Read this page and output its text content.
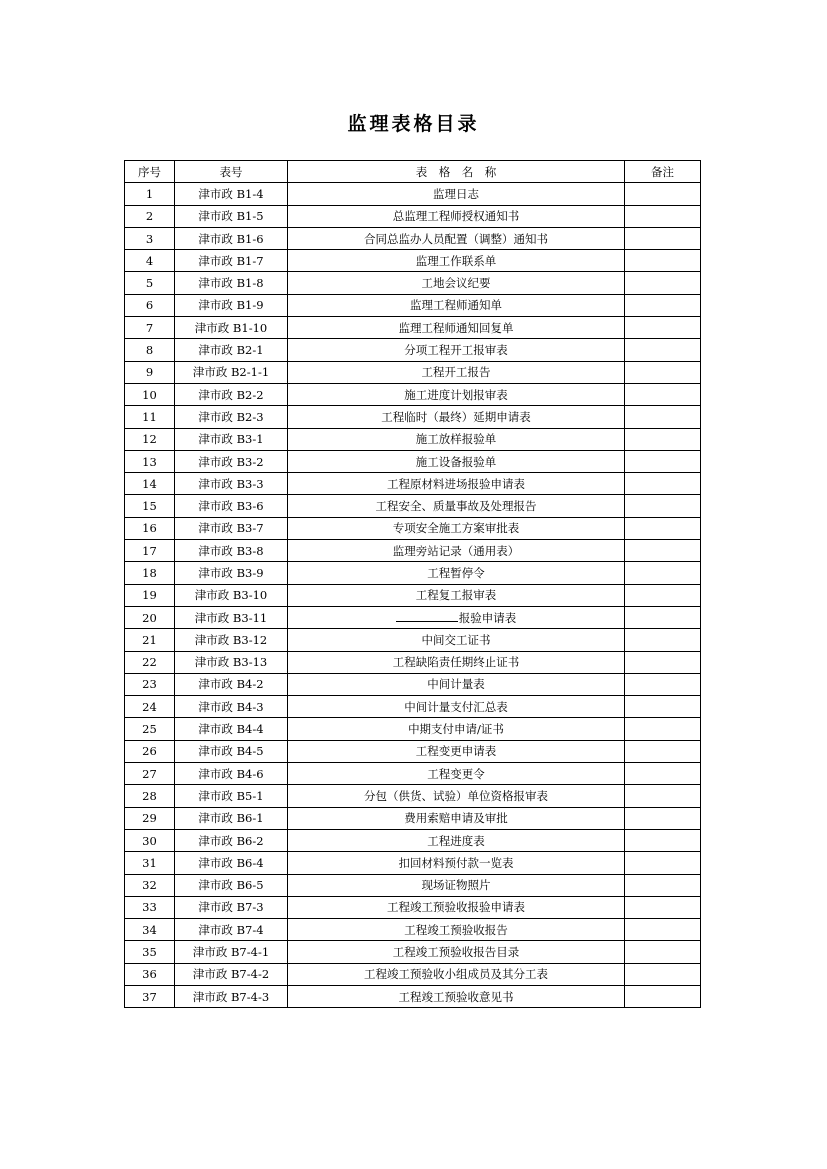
监理表格目录
序号	表号	表　格　名　称	备注
1	津市政 B1-4	监理日志	
2	津市政 B1-5	总监理工程师授权通知书	
3	津市政 B1-6	合同总监办人员配置（调整）通知书	
4	津市政 B1-7	监理工作联系单	
5	津市政 B1-8	工地会议纪要	
6	津市政 B1-9	监理工程师通知单	
7	津市政 B1-10	监理工程师通知回复单	
8	津市政 B2-1	分项工程开工报审表	
9	津市政 B2-1-1	工程开工报告	
10	津市政 B2-2	施工进度计划报审表	
11	津市政 B2-3	工程临时（最终）延期申请表	
12	津市政 B3-1	施工放样报验单	
13	津市政 B3-2	施工设备报验单	
14	津市政 B3-3	工程原材料进场报验申请表	
15	津市政 B3-6	工程安全、质量事故及处理报告	
16	津市政 B3-7	专项安全施工方案审批表	
17	津市政 B3-8	监理旁站记录（通用表）	
18	津市政 B3-9	工程暂停令	
19	津市政 B3-10	工程复工报审表	
20	津市政 B3-11	报验申请表	
21	津市政 B3-12	中间交工证书	
22	津市政 B3-13	工程缺陷责任期终止证书	
23	津市政 B4-2	中间计量表	
24	津市政 B4-3	中间计量支付汇总表	
25	津市政 B4-4	中期支付申请/证书	
26	津市政 B4-5	工程变更申请表	
27	津市政 B4-6	工程变更令	
28	津市政 B5-1	分包（供货、试验）单位资格报审表	
29	津市政 B6-1	费用索赔申请及审批	
30	津市政 B6-2	工程进度表	
31	津市政 B6-4	扣回材料预付款一览表	
32	津市政 B6-5	现场证物照片	
33	津市政 B7-3	工程竣工预验收报验申请表	
34	津市政 B7-4	工程竣工预验收报告	
35	津市政 B7-4-1	工程竣工预验收报告目录	
36	津市政 B7-4-2	工程竣工预验收小组成员及其分工表	
37	津市政 B7-4-3	工程竣工预验收意见书	
